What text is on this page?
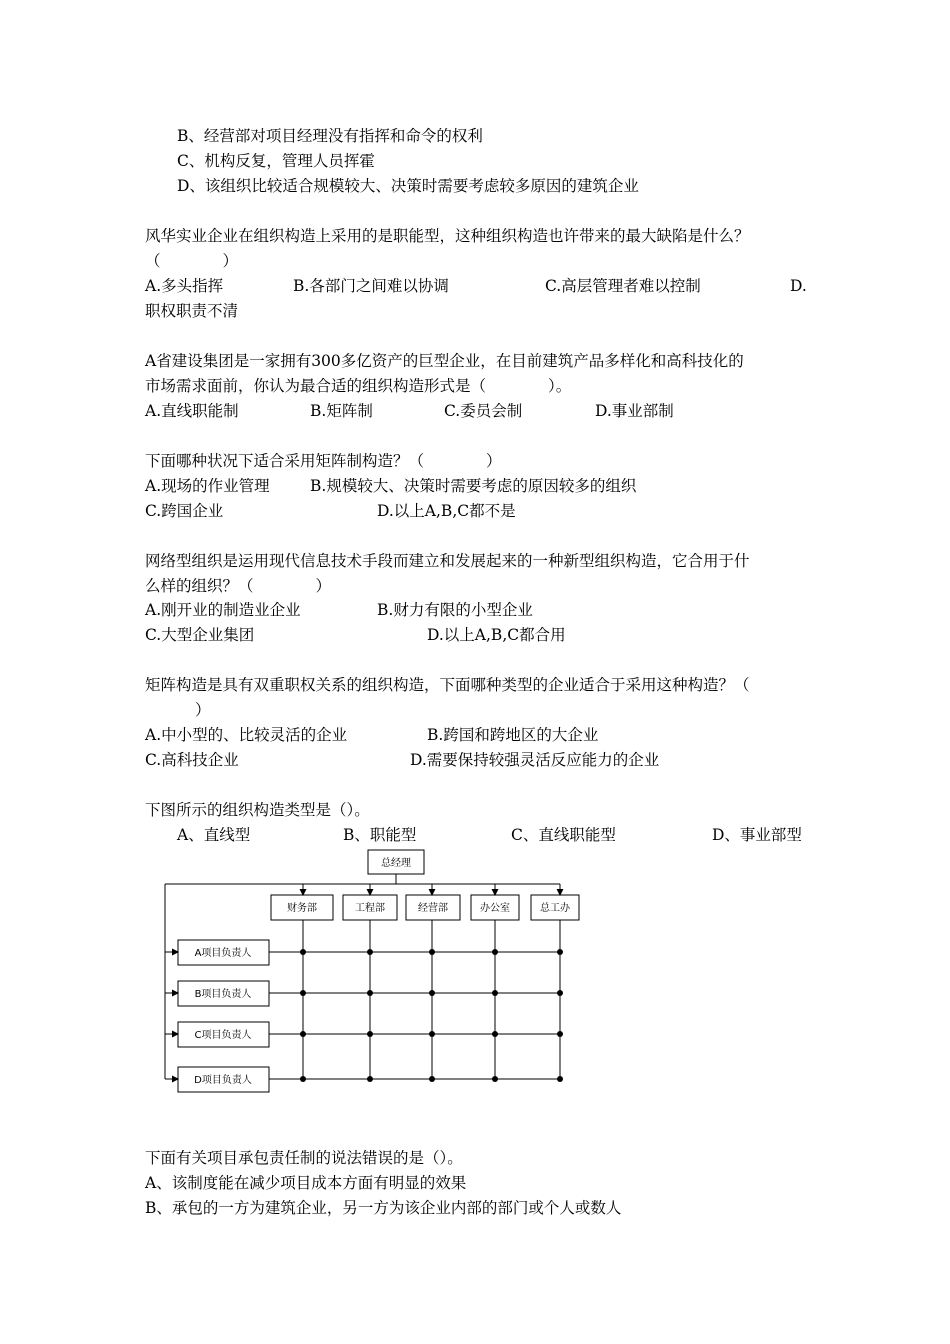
B、经营部对项目经理没有指挥和命令的权利
C、机构反复，管理人员挥霍
D、该组织比较适合规模较大、决策时需要考虑较多原因的建筑企业
风华实业企业在组织构造上采用的是职能型，这种组织构造也许带来的最大缺陷是什么？
（　　　　）
A.多头指挥	B.各部门之间难以协调	C.高层管理者难以控制	D.
职权职责不清
A省建设集团是一家拥有300多亿资产的巨型企业，在目前建筑产品多样化和高科技化的
市场需求面前，你认为最合适的组织构造形式是（　　　　）。
A.直线职能制	B.矩阵制	C.委员会制	D.事业部制
下面哪种状况下适合采用矩阵制构造？（　　　　）
A.现场的作业管理	B.规模较大、决策时需要考虑的原因较多的组织
C.跨国企业	D.以上A,B,C都不是
网络型组织是运用现代信息技术手段而建立和发展起来的一种新型组织构造，它合用于什
么样的组织？（　　　　）
A.刚开业的制造业企业	B.财力有限的小型企业
C.大型企业集团	D.以上A,B,C都合用
矩阵构造是具有双重职权关系的组织构造，下面哪种类型的企业适合于采用这种构造？（
）
A.中小型的、比较灵活的企业	B.跨国和跨地区的大企业
C.高科技企业	D.需要保持较强灵活反应能力的企业
下图所示的组织构造类型是（）。
A、直线型	B、职能型	C、直线职能型	D、事业部型
总经理
财务部	工程部	经营部	办公室	总工办
A项目负责人
B项目负责人
C项目负责人
D项目负责人
下面有关项目承包责任制的说法错误的是（）。
A、该制度能在减少项目成本方面有明显的效果
B、承包的一方为建筑企业，另一方为该企业内部的部门或个人或数人
